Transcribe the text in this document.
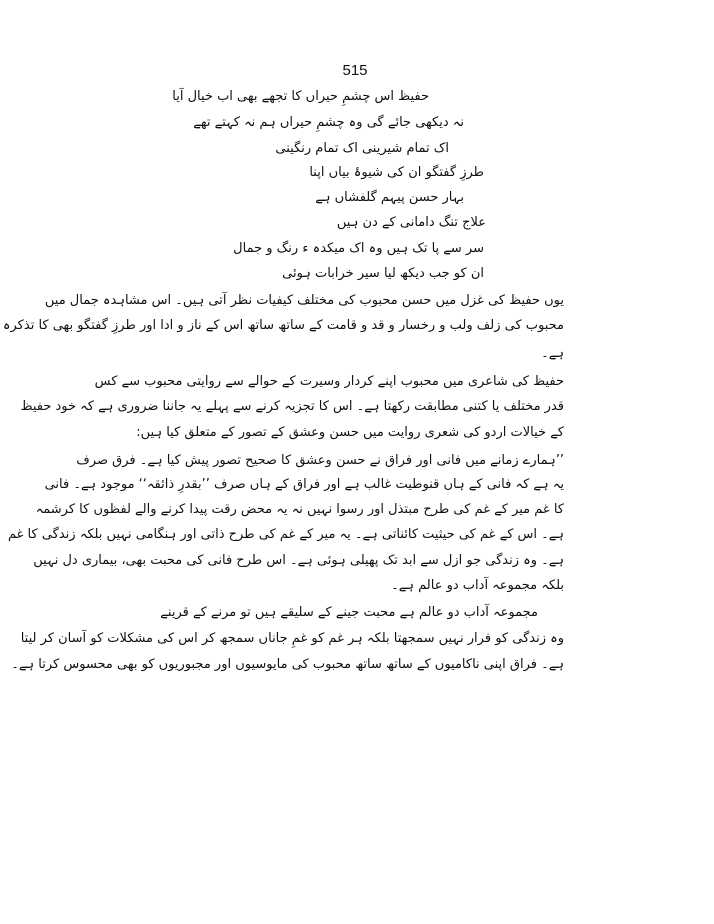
515
حفیظ اس چشمِ حیراں کا تجھے بھی اب خیال آیا
نہ دیکھی جائے گی وہ چشمِ حیراں ہم نہ کہتے تھے
اک تمام شیرینی اک تمام رنگینی
طرزِ گفتگو ان کی شیوۂ بیاں اپنا
بہار حسن پیہم گلفشاں ہے
علاج تنگ دامانی کے دن ہیں
سر سے پا تک ہیں وہ اک میکدہ ء رنگ و جمال
ان کو جب دیکھ لیا سیر خرابات ہوئی
یوں حفیظ کی غزل میں حسن محبوب کی مختلف کیفیات نظر آتی ہیں۔ اس مشاہدہ جمال میں
محبوب کی زلف ولب و رخسار و قد و قامت کے ساتھ ساتھ اس کے ناز و ادا اور طرزِ گفتگو بھی کا تذکرہ
ہے۔
حفیظ کی شاعری میں محبوب اپنے کردار وسیرت کے حوالے سے روایتی محبوب سے کس
قدر مختلف یا کتنی مطابقت رکھتا ہے۔ اس کا تجزیہ کرنے سے پہلے یہ جاننا ضروری ہے کہ خود حفیظ
کے خیالات اردو کی شعری روایت میں حسن وعشق کے تصور کے متعلق کیا ہیں:
’’ہمارے زمانے میں فانی اور فراق نے حسن وعشق کا صحیح تصور پیش کیا ہے۔ فرق صرف
یہ ہے کہ فانی کے ہاں قنوطیت غالب ہے اور فراق کے ہاں صرف ’’بقدرِ ذائقہ‘‘ موجود ہے۔ فانی
کا غم میر کے غم کی طرح مبتذل اور رسوا نہیں نہ یہ محض رقت پیدا کرنے والے لفظوں کا کرشمہ
ہے۔ اس کے غم کی حیثیت کائناتی ہے۔ یہ میر کے غم کی طرح ذاتی اور ہنگامی نہیں بلکہ زندگی کا غم
ہے۔ وہ زندگی جو ازل سے ابد تک پھیلی ہوئی ہے۔ اس طرح فانی کی محبت بھی، بیماری دل نہیں
بلکہ مجموعہ آداب دو عالم ہے۔
مجموعہ آداب دو عالم ہے محبت جینے کے سلیقے ہیں تو مرنے کے قرینے
وہ زندگی کو فرار نہیں سمجھتا بلکہ ہر غم کو غمِ جاناں سمجھ کر اس کی مشکلات کو آسان کر لیتا
ہے۔ فراق اپنی ناکامیوں کے ساتھ ساتھ محبوب کی مایوسیوں اور مجبوریوں کو بھی محسوس کرتا ہے۔
